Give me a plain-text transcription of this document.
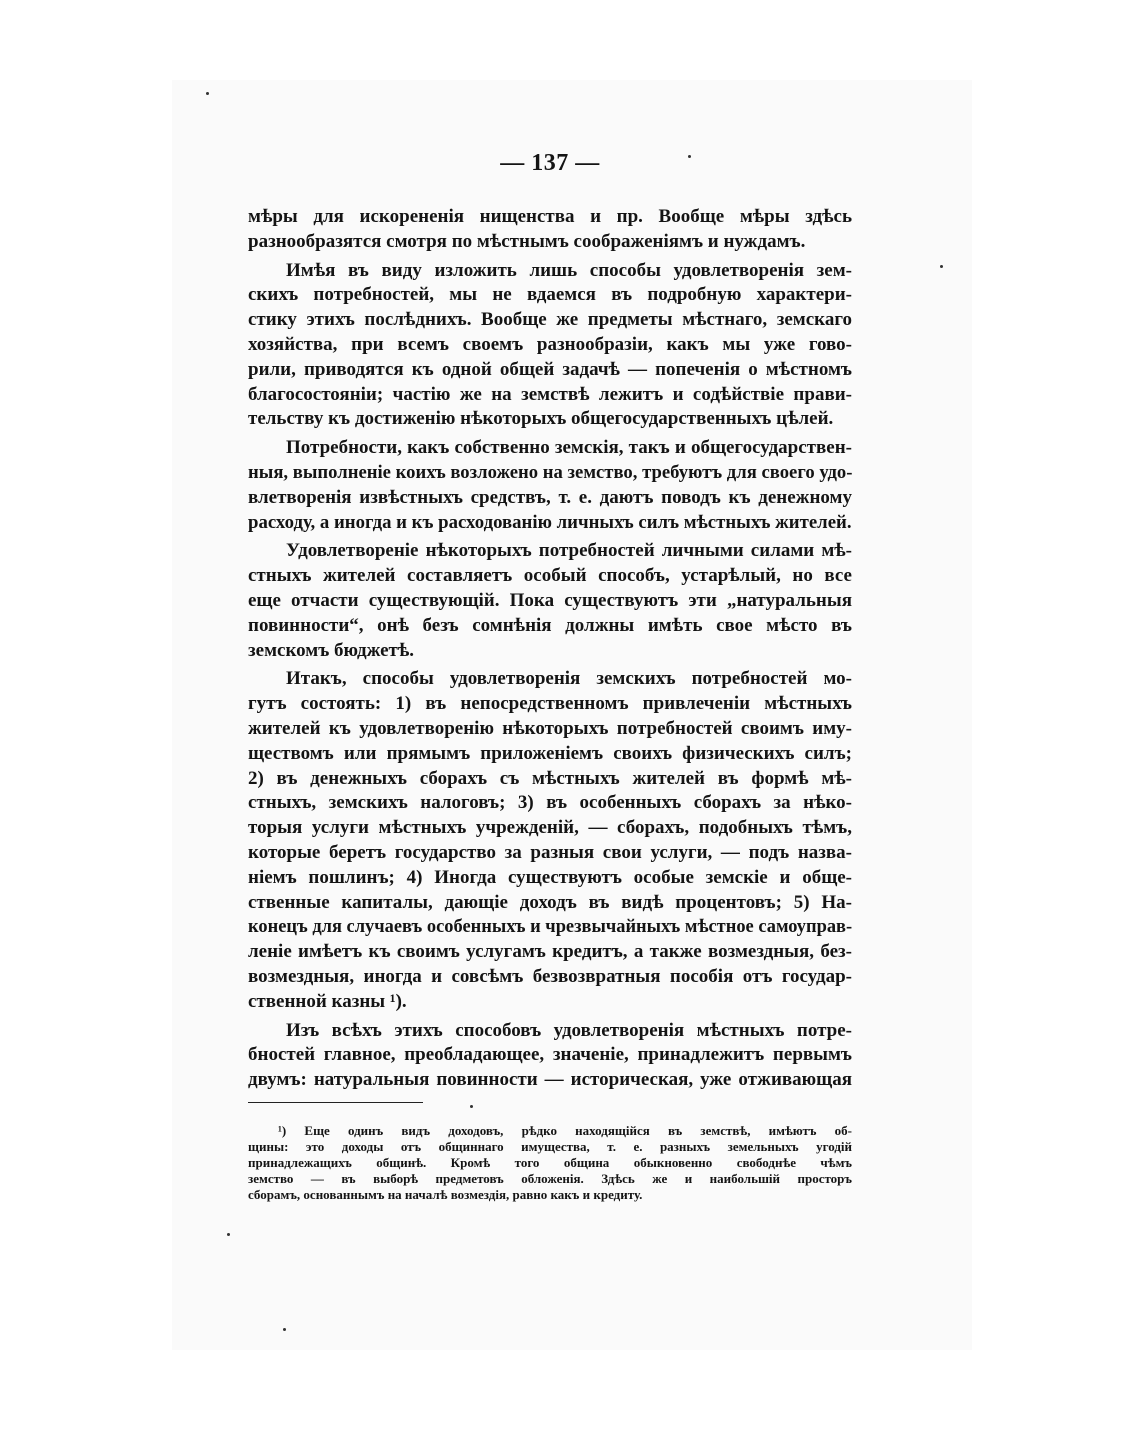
— 137 —
мѣры для искорененія нищенства и пр. Вообще мѣры здѣсь
разнообразятся смотря по мѣстнымъ соображеніямъ и нуждамъ.
Имѣя въ виду изложить лишь способы удовлетворенія зем-
скихъ потребностей, мы не вдаемся въ подробную характери-
стику этихъ послѣднихъ. Вообще же предметы мѣстнаго, земскаго
хозяйства, при всемъ своемъ разнообразіи, какъ мы уже гово-
рили, приводятся къ одной общей задачѣ — попеченія о мѣстномъ
благосостояніи; частію же на земствѣ лежитъ и содѣйствіе прави-
тельству къ достиженію нѣкоторыхъ общегосударственныхъ цѣлей.
Потребности, какъ собственно земскія, такъ и общегосударствен-
ныя, выполненіе коихъ возложено на земство, требуютъ для своего удо-
влетворенія извѣстныхъ средствъ, т. е. даютъ поводъ къ денежному
расходу, а иногда и къ расходованію личныхъ силъ мѣстныхъ жителей.
Удовлетвореніе нѣкоторыхъ потребностей личными силами мѣ-
стныхъ жителей составляетъ особый способъ, устарѣлый, но все
еще отчасти существующій. Пока существуютъ эти „натуральныя
повинности“, онѣ безъ сомнѣнія должны имѣть свое мѣсто въ
земскомъ бюджетѣ.
Итакъ, способы удовлетворенія земскихъ потребностей мо-
гутъ состоять: 1) въ непосредственномъ привлеченіи мѣстныхъ
жителей къ удовлетворенію нѣкоторыхъ потребностей своимъ иму-
ществомъ или прямымъ приложеніемъ своихъ физическихъ силъ;
2) въ денежныхъ сборахъ съ мѣстныхъ жителей въ формѣ мѣ-
стныхъ, земскихъ налоговъ; 3) въ особенныхъ сборахъ за нѣко-
торыя услуги мѣстныхъ учрежденій, — сборахъ, подобныхъ тѣмъ,
которые беретъ государство за разныя свои услуги, — подъ назва-
ніемъ пошлинъ; 4) Иногда существуютъ особые земскіе и обще-
ственные капиталы, дающіе доходъ въ видѣ процентовъ; 5) На-
конецъ для случаевъ особенныхъ и чрезвычайныхъ мѣстное самоуправ-
леніе имѣетъ къ своимъ услугамъ кредитъ, а также возмездныя, без-
возмездныя, иногда и совсѣмъ безвозвратныя пособія отъ государ-
ственной казны ¹).
Изъ всѣхъ этихъ способовъ удовлетворенія мѣстныхъ потре-
бностей главное, преобладающее, значеніе, принадлежитъ первымъ
двумъ: натуральныя повинности — историческая, уже отживающая
¹) Еще одинъ видъ доходовъ, рѣдко находящійся въ земствѣ, имѣютъ об-
щины: это доходы отъ общиннаго имущества, т. е. разныхъ земельныхъ угодій
принадлежащихъ общинѣ. Кромѣ того община обыкновенно свободнѣе чѣмъ
земство — въ выборѣ предметовъ обложенія. Здѣсь же и наибольшій просторъ
сборамъ, основаннымъ на началѣ возмездія, равно какъ и кредиту.
